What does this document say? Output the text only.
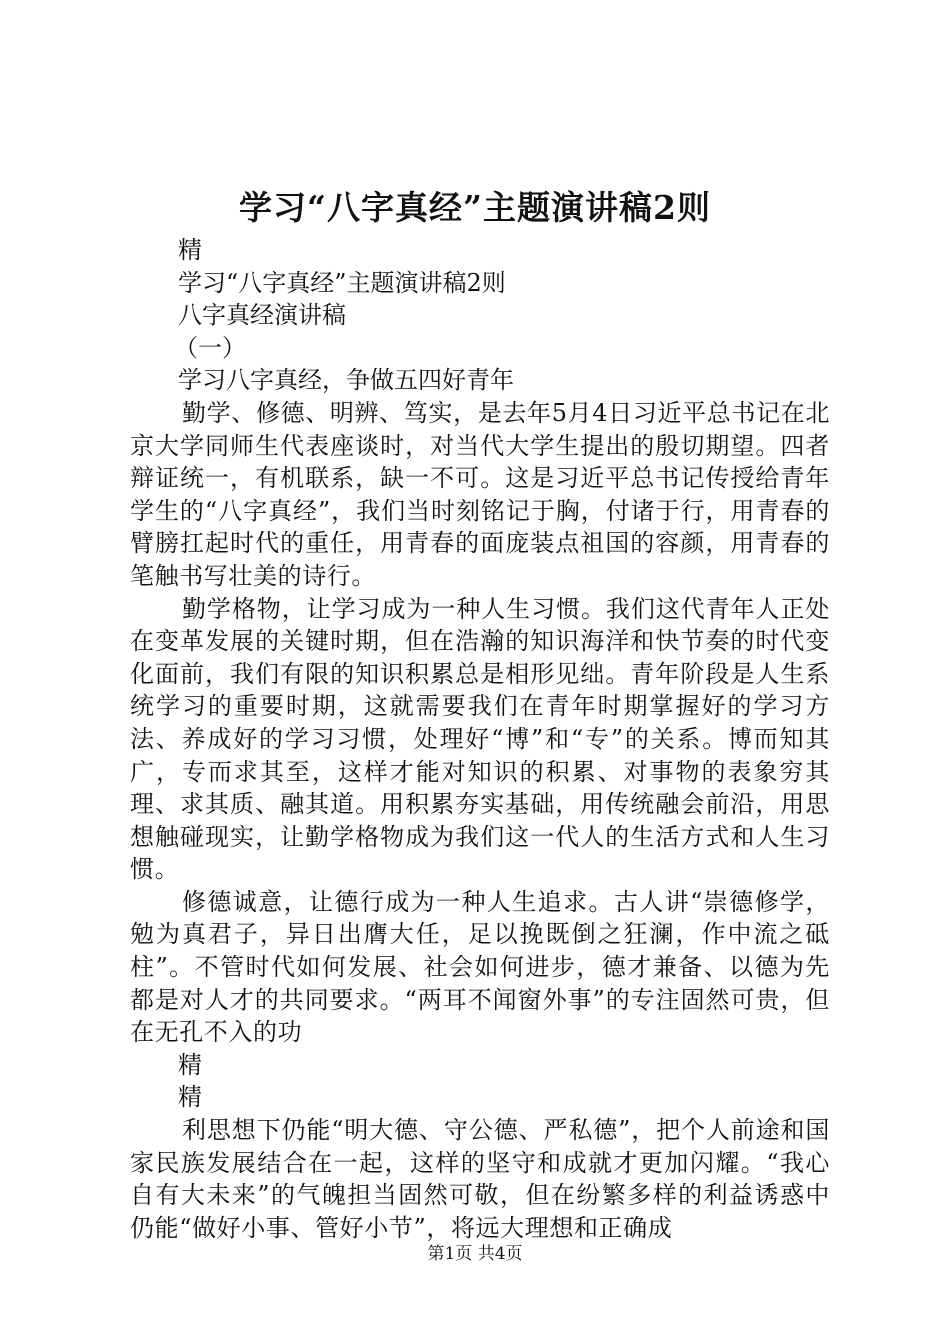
学习“八字真经”主题演讲稿2则

精

学习“八字真经”主题演讲稿2则

八字真经演讲稿

（一）

学习八字真经，争做五四好青年

勤学、修德、明辨、笃实，是去年5月4日习近平总书记在北京大学同师生代表座谈时，对当代大学生提出的殷切期望。四者辩证统一，有机联系，缺一不可。这是习近平总书记传授给青年学生的“八字真经”，我们当时刻铭记于胸，付诸于行，用青春的臂膀扛起时代的重任，用青春的面庞装点祖国的容颜，用青春的笔触书写壮美的诗行。

勤学格物，让学习成为一种人生习惯。我们这代青年人正处在变革发展的关键时期，但在浩瀚的知识海洋和快节奏的时代变化面前，我们有限的知识积累总是相形见绌。青年阶段是人生系统学习的重要时期，这就需要我们在青年时期掌握好的学习方法、养成好的学习习惯，处理好“博”和“专”的关系。博而知其广，专而求其至，这样才能对知识的积累、对事物的表象穷其理、求其质、融其道。用积累夯实基础，用传统融会前沿，用思想触碰现实，让勤学格物成为我们这一代人的生活方式和人生习惯。

修德诚意，让德行成为一种人生追求。古人讲“崇德修学，勉为真君子，异日出膺大任，足以挽既倒之狂澜，作中流之砥柱”。不管时代如何发展、社会如何进步，德才兼备、以德为先都是对人才的共同要求。“两耳不闻窗外事”的专注固然可贵，但在无孔不入的功

精

精

利思想下仍能“明大德、守公德、严私德”，把个人前途和国家民族发展结合在一起，这样的坚守和成就才更加闪耀。“我心自有大未来”的气魄担当固然可敬，但在纷繁多样的利益诱惑中仍能“做好小事、管好小节”，将远大理想和正确成

第1页 共4页
